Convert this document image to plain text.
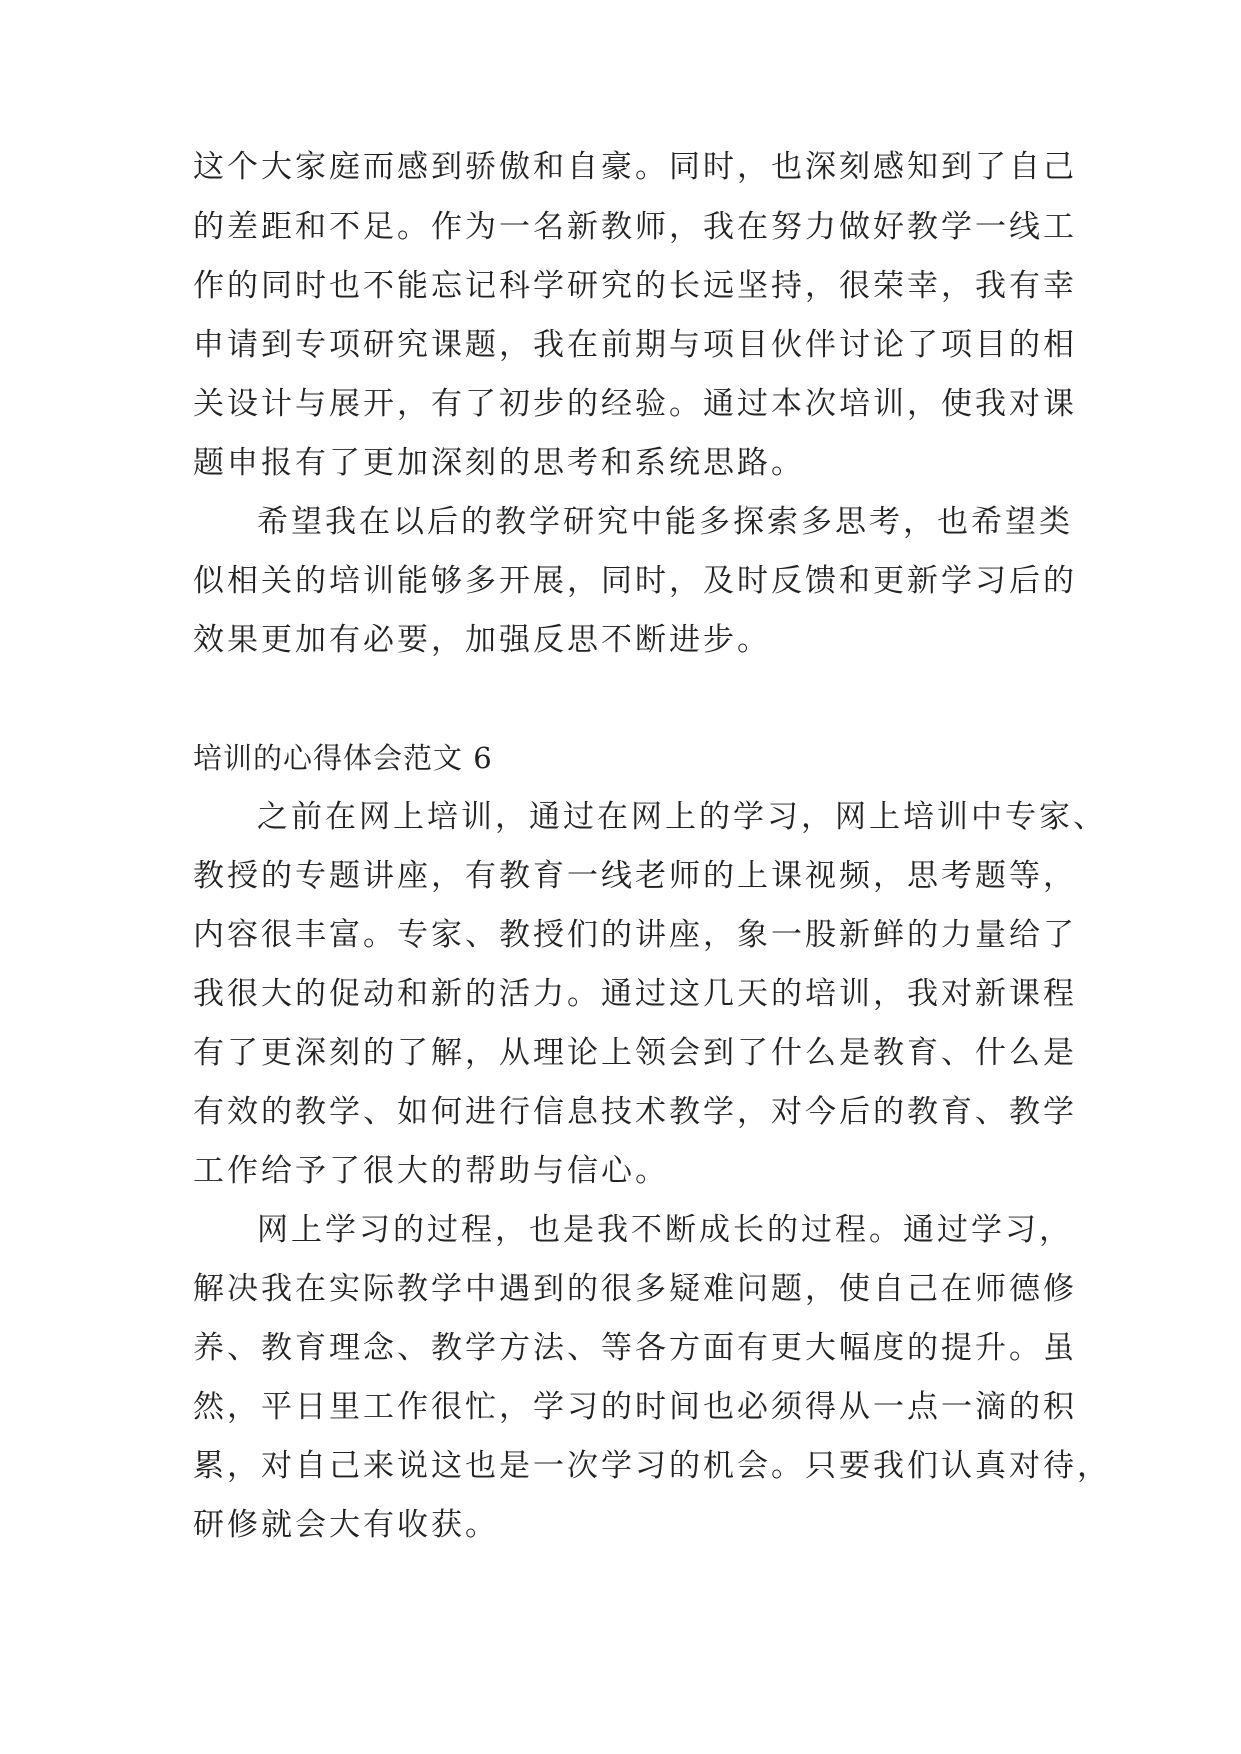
这个大家庭而感到骄傲和自豪。同时，也深刻感知到了自己
的差距和不足。作为一名新教师，我在努力做好教学一线工
作的同时也不能忘记科学研究的长远坚持，很荣幸，我有幸
申请到专项研究课题，我在前期与项目伙伴讨论了项目的相
关设计与展开，有了初步的经验。通过本次培训，使我对课
题申报有了更加深刻的思考和系统思路。
希望我在以后的教学研究中能多探索多思考，也希望类
似相关的培训能够多开展，同时，及时反馈和更新学习后的
效果更加有必要，加强反思不断进步。
培训的心得体会范文 6
之前在网上培训，通过在网上的学习，网上培训中专家、
教授的专题讲座，有教育一线老师的上课视频，思考题等，
内容很丰富。专家、教授们的讲座，象一股新鲜的力量给了
我很大的促动和新的活力。通过这几天的培训，我对新课程
有了更深刻的了解，从理论上领会到了什么是教育、什么是
有效的教学、如何进行信息技术教学，对今后的教育、教学
工作给予了很大的帮助与信心。
网上学习的过程，也是我不断成长的过程。通过学习，
解决我在实际教学中遇到的很多疑难问题，使自己在师德修
养、教育理念、教学方法、等各方面有更大幅度的提升。虽
然，平日里工作很忙，学习的时间也必须得从一点一滴的积
累，对自己来说这也是一次学习的机会。只要我们认真对待，
研修就会大有收获。
